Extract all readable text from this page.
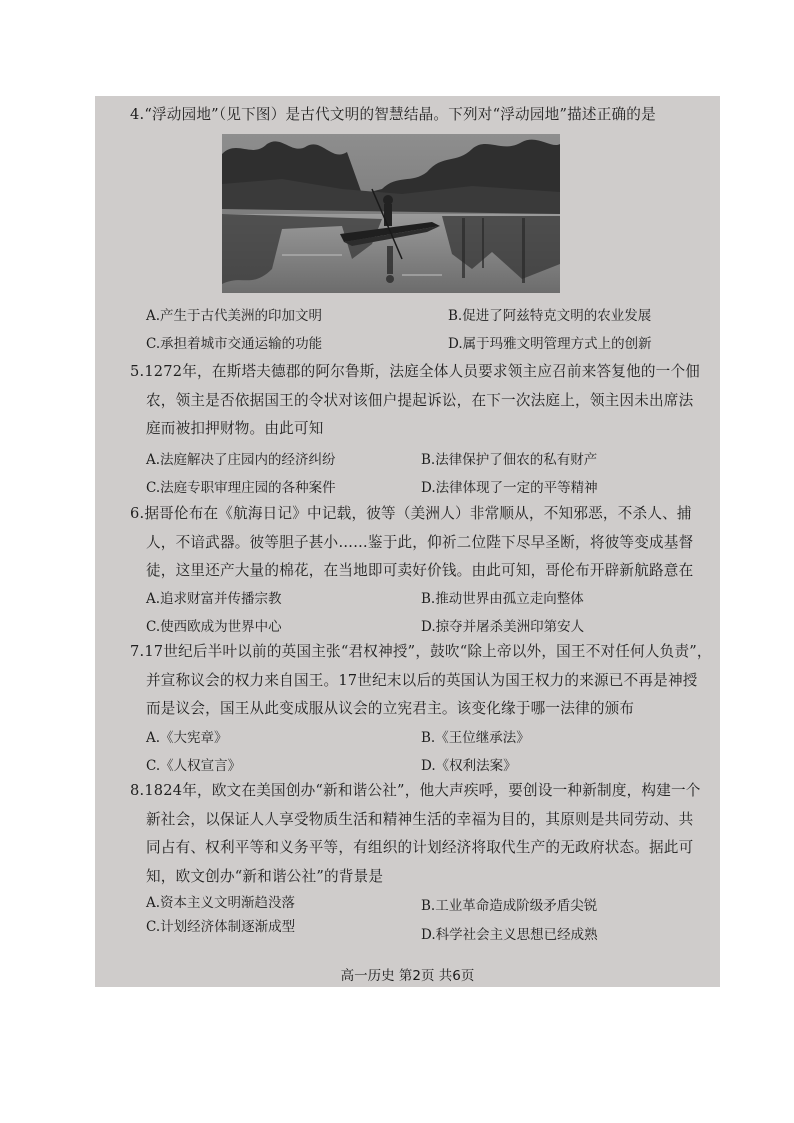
4.“浮动园地”（见下图）是古代文明的智慧结晶。下列对“浮动园地”描述正确的是

A.产生于古代美洲的印加文明	B.促进了阿兹特克文明的农业发展
C.承担着城市交通运输的功能	D.属于玛雅文明管理方式上的创新

5.1272年，在斯塔夫德郡的阿尔鲁斯，法庭全体人员要求领主应召前来答复他的一个佃

农，领主是否依据国王的令状对该佃户提起诉讼，在下一次法庭上，领主因未出席法

庭而被扣押财物。由此可知

A.法庭解决了庄园内的经济纠纷	B.法律保护了佃农的私有财产
C.法庭专职审理庄园的各种案件	D.法律体现了一定的平等精神

6.据哥伦布在《航海日记》中记载，彼等（美洲人）非常顺从，不知邪恶，不杀人、捕

人，不谙武器。彼等胆子甚小……鉴于此，仰祈二位陛下尽早圣断，将彼等变成基督

徒，这里还产大量的棉花，在当地即可卖好价钱。由此可知，哥伦布开辟新航路意在

A.追求财富并传播宗教	B.推动世界由孤立走向整体
C.使西欧成为世界中心	D.掠夺并屠杀美洲印第安人

7.17世纪后半叶以前的英国主张“君权神授”，鼓吹“除上帝以外，国王不对任何人负责”，

并宣称议会的权力来自国王。17世纪末以后的英国认为国王权力的来源已不再是神授

而是议会，国王从此变成服从议会的立宪君主。该变化缘于哪一法律的颁布

A.《大宪章》	B.《王位继承法》
C.《人权宣言》	D.《权利法案》

8.1824年，欧文在美国创办“新和谐公社”，他大声疾呼，要创设一种新制度，构建一个

新社会，以保证人人享受物质生活和精神生活的幸福为目的，其原则是共同劳动、共

同占有、权利平等和义务平等，有组织的计划经济将取代生产的无政府状态。据此可

知，欧文创办“新和谐公社”的背景是

A.资本主义文明渐趋没落	B.工业革命造成阶级矛盾尖锐
C.计划经济体制逐渐成型	D.科学社会主义思想已经成熟
高一历史 第2页 共6页
